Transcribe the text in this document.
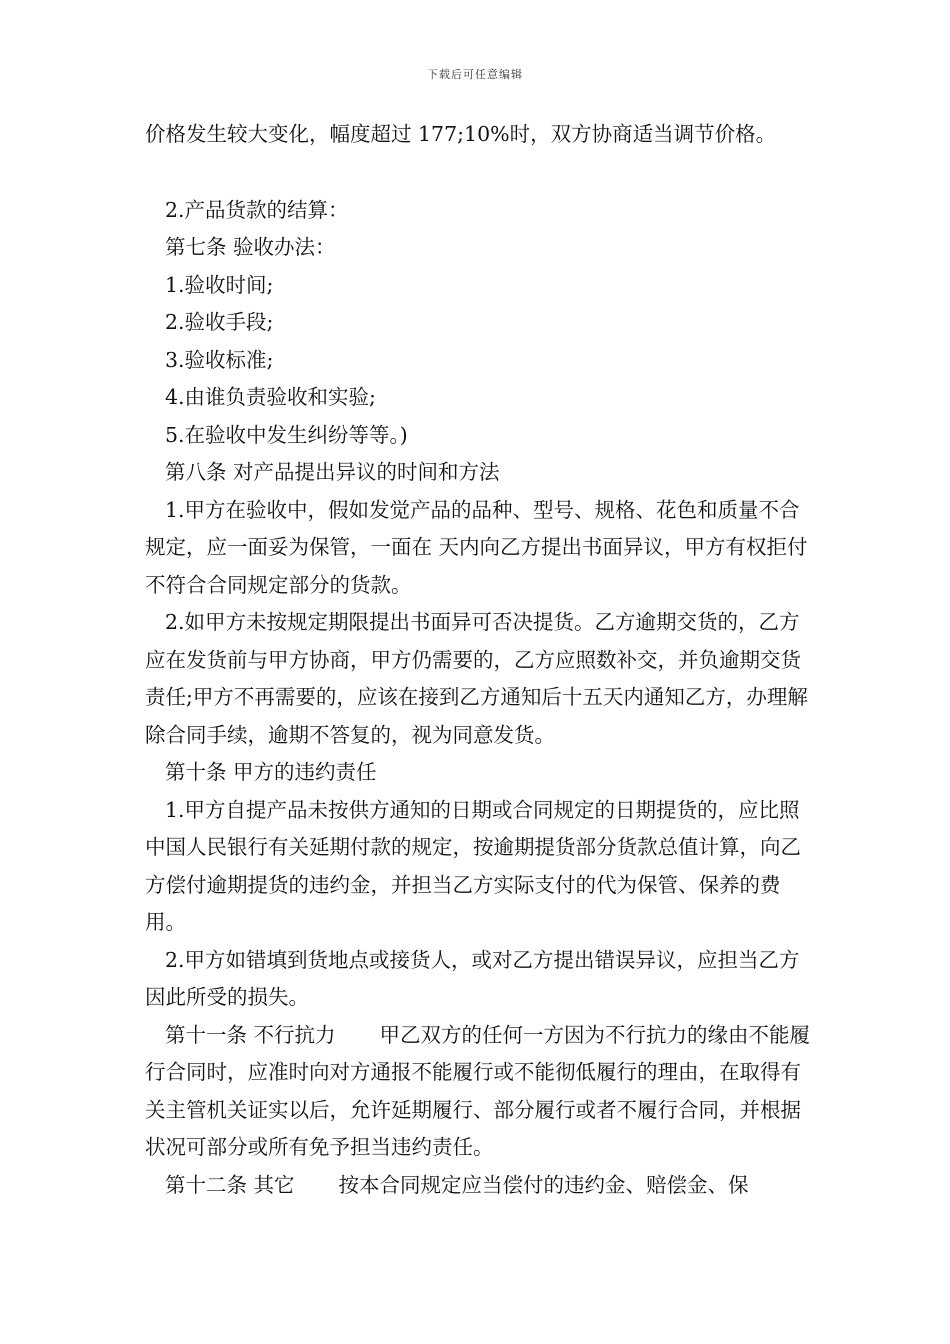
下载后可任意编辑

价格发生较大变化，幅度超过 177;10%时，双方协商适当调节价格。

2.产品货款的结算：

第七条 验收办法：

1.验收时间;

2.验收手段;

3.验收标准;

4.由谁负责验收和实验;

5.在验收中发生纠纷等等。)

第八条 对产品提出异议的时间和方法

1.甲方在验收中，假如发觉产品的品种、型号、规格、花色和质量不合规定，应一面妥为保管，一面在 天内向乙方提出书面异议，甲方有权拒付不符合合同规定部分的货款。

2.如甲方未按规定期限提出书面异可否决提货。乙方逾期交货的，乙方应在发货前与甲方协商，甲方仍需要的，乙方应照数补交，并负逾期交货责任;甲方不再需要的，应该在接到乙方通知后十五天内通知乙方，办理解除合同手续，逾期不答复的，视为同意发货。

第十条 甲方的违约责任

1.甲方自提产品未按供方通知的日期或合同规定的日期提货的，应比照中国人民银行有关延期付款的规定，按逾期提货部分货款总值计算，向乙方偿付逾期提货的违约金，并担当乙方实际支付的代为保管、保养的费用。

2.甲方如错填到货地点或接货人，或对乙方提出错误异议，应担当乙方因此所受的损失。

第十一条 不行抗力 甲乙双方的任何一方因为不行抗力的缘由不能履行合同时，应准时向对方通报不能履行或不能彻低履行的理由，在取得有关主管机关证实以后，允许延期履行、部分履行或者不履行合同，并根据状况可部分或所有免予担当违约责任。

第十二条 其它 按本合同规定应当偿付的违约金、赔偿金、保
